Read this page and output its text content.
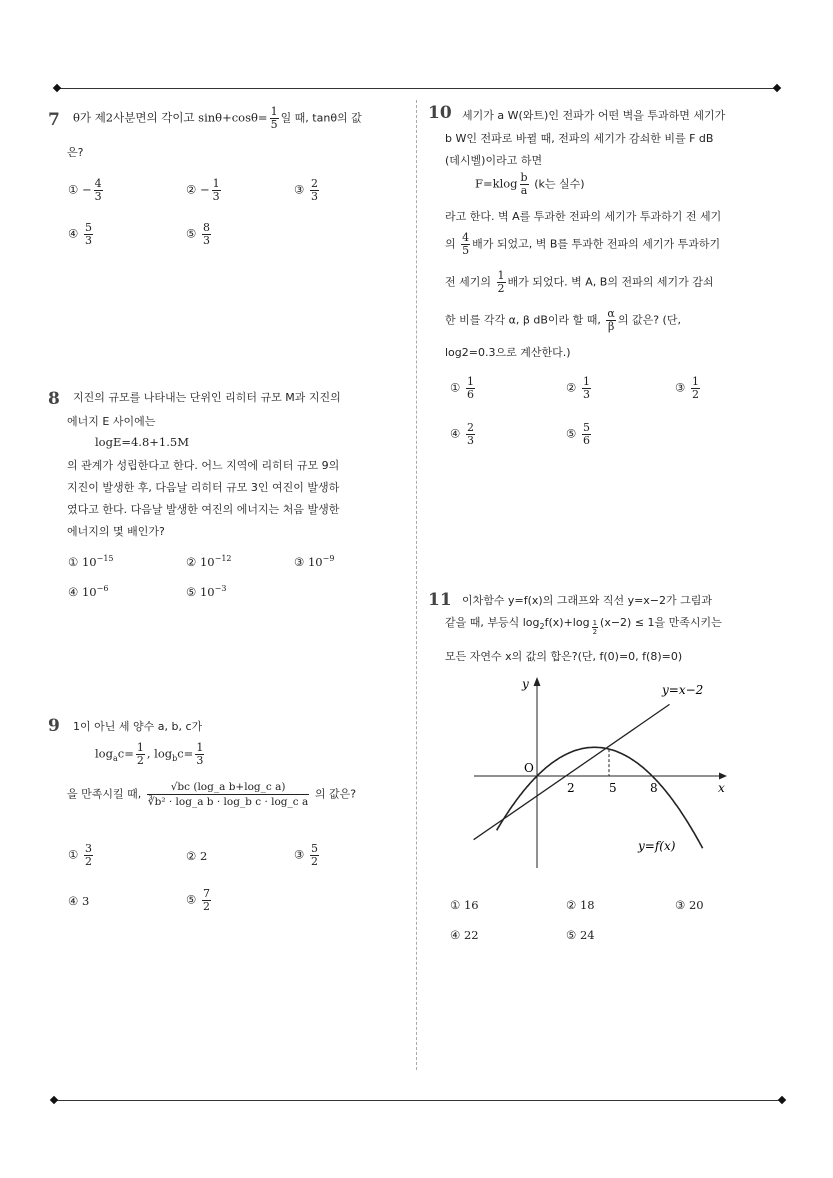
7 θ가 제2사분면의 각이고 $\sin\theta+\cos\theta= \frac{1}{5}$ 일 때, tanθ의 값
은?
① − $\frac{4}{3}$	② − $\frac{1}{3}$	③ $\frac{2}{3}$
④ $\frac{5}{3}$	⑤ $\frac{8}{3}$
8 지진의 규모를 나타내는 단위인 리히터 규모 M과 지진의
에너지 E 사이에는
logE=4.8+1.5M
의 관계가 성립한다고 한다. 어느 지역에 리히터 규모 9의
지진이 발생한 후, 다음날 리히터 규모 3인 여진이 발생하
였다고 한다. 다음날 발생한 여진의 에너지는 처음 발생한
에너지의 몇 배인가?
① $10^{-15}$	② $10^{-12}$	③ $10^{-9}$
④ $10^{-6}$	⑤ $10^{-3}$
9 1이 아닌 세 양수 a, b, c가
$\log_ac= \frac{1}{2}$ , $\log_bc= \frac{1}{3}$
을 만족시킬 때, $\frac{\text{√bc (log\_a b+log\_c a)}}{\text{∛b² · log\_a b · log\_b c · log\_c a}}$ 의 값은?
① $\frac{3}{2}$	② 2	③ $\frac{5}{2}$
④ 3	⑤ $\frac{7}{2}$
10 세기가 a W(와트)인 전파가 어떤 벽을 투과하면 세기가
b W인 전파로 바뀔 때, 전파의 세기가 감쇠한 비를 F dB
(데시벨)이라고 하면
$F=klog \frac{b}{a} (k$는 실수)
라고 한다. 벽 A를 투과한 전파의 세기가 투과하기 전 세기
의 $\frac{4}{5}$ 배가 되었고, 벽 B를 투과한 전파의 세기가 투과하기
전 세기의 $\frac{1}{2}$ 배가 되었다. 벽 A, B의 전파의 세기가 감쇠
한 비를 각각 α, β dB이라 할 때, $\frac{\alpha}{\beta}$ 의 값은? (단,
log2=0.3으로 계산한다.)
① $\frac{1}{6}$	② $\frac{1}{3}$	③ $\frac{1}{2}$
④ $\frac{2}{3}$	⑤ $\frac{5}{6}$
11 이차함수 y=f(x)의 그래프와 직선 y=x−2가 그림과
같을 때, 부등식 $\log_2f(x)+\log$ $_{\frac{1}{2}}$ (x−2) ≤ 1을 만족시키는
모든 자연수 x의 값의 합은?(단, f(0)=0, f(8)=0)
y
x
O
2	5	8
y=x−2
y=f(x)
① 16	② 18	③ 20
④ 22	⑤ 24
